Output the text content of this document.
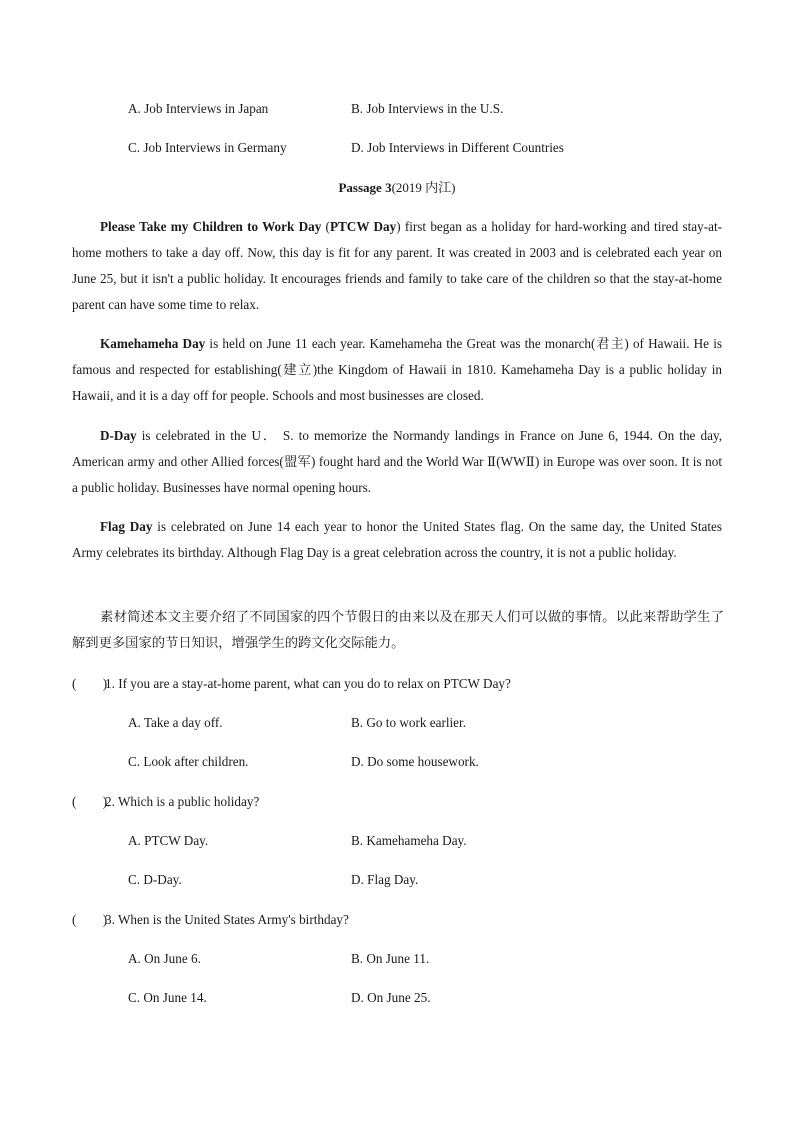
A. Job Interviews in Japan	B. Job Interviews in the U.S.
C. Job Interviews in Germany	D. Job Interviews in Different Countries
Passage 3(2019 内江)

Please Take my Children to Work Day (PTCW Day) first began as a holiday for hard-working and tired stay-at-home mothers to take a day off. Now, this day is fit for any parent. It was created in 2003 and is celebrated each year on June 25, but it isn't a public holiday. It encourages friends and family to take care of the children so that the stay-at-home parent can have some time to relax.

Kamehameha Day is held on June 11 each year. Kamehameha the Great was the monarch(君主) of Hawaii. He is famous and respected for establishing(建立)the Kingdom of Hawaii in 1810. Kamehameha Day is a public holiday in Hawaii, and it is a day off for people. Schools and most businesses are closed.

D-Day is celebrated in the U． S. to memorize the Normandy landings in France on June 6, 1944. On the day, American army and other Allied forces(盟军) fought hard and the World War Ⅱ(WWⅡ) in Europe was over soon. It is not a public holiday. Businesses have normal opening hours.

Flag Day is celebrated on June 14 each year to honor the United States flag. On the same day, the United States Army celebrates its birthday. Although Flag Day is a great celebration across the country, it is not a public holiday.

素材简述本文主要介绍了不同国家的四个节假日的由来以及在那天人们可以做的事情。以此来帮助学生了解到更多国家的节日知识，增强学生的跨文化交际能力。

(　　)1. If you are a stay-at-home parent, what can you do to relax on PTCW Day?
A. Take a day off.	B. Go to work earlier.
C. Look after children.	D. Do some housework.
(　　)2. Which is a public holiday?
A. PTCW Day.	B. Kamehameha Day.
C. D-Day.	D. Flag Day.
(　　)3. When is the United States Army's birthday?
A. On June 6.	B. On June 11.
C. On June 14.	D. On June 25.
